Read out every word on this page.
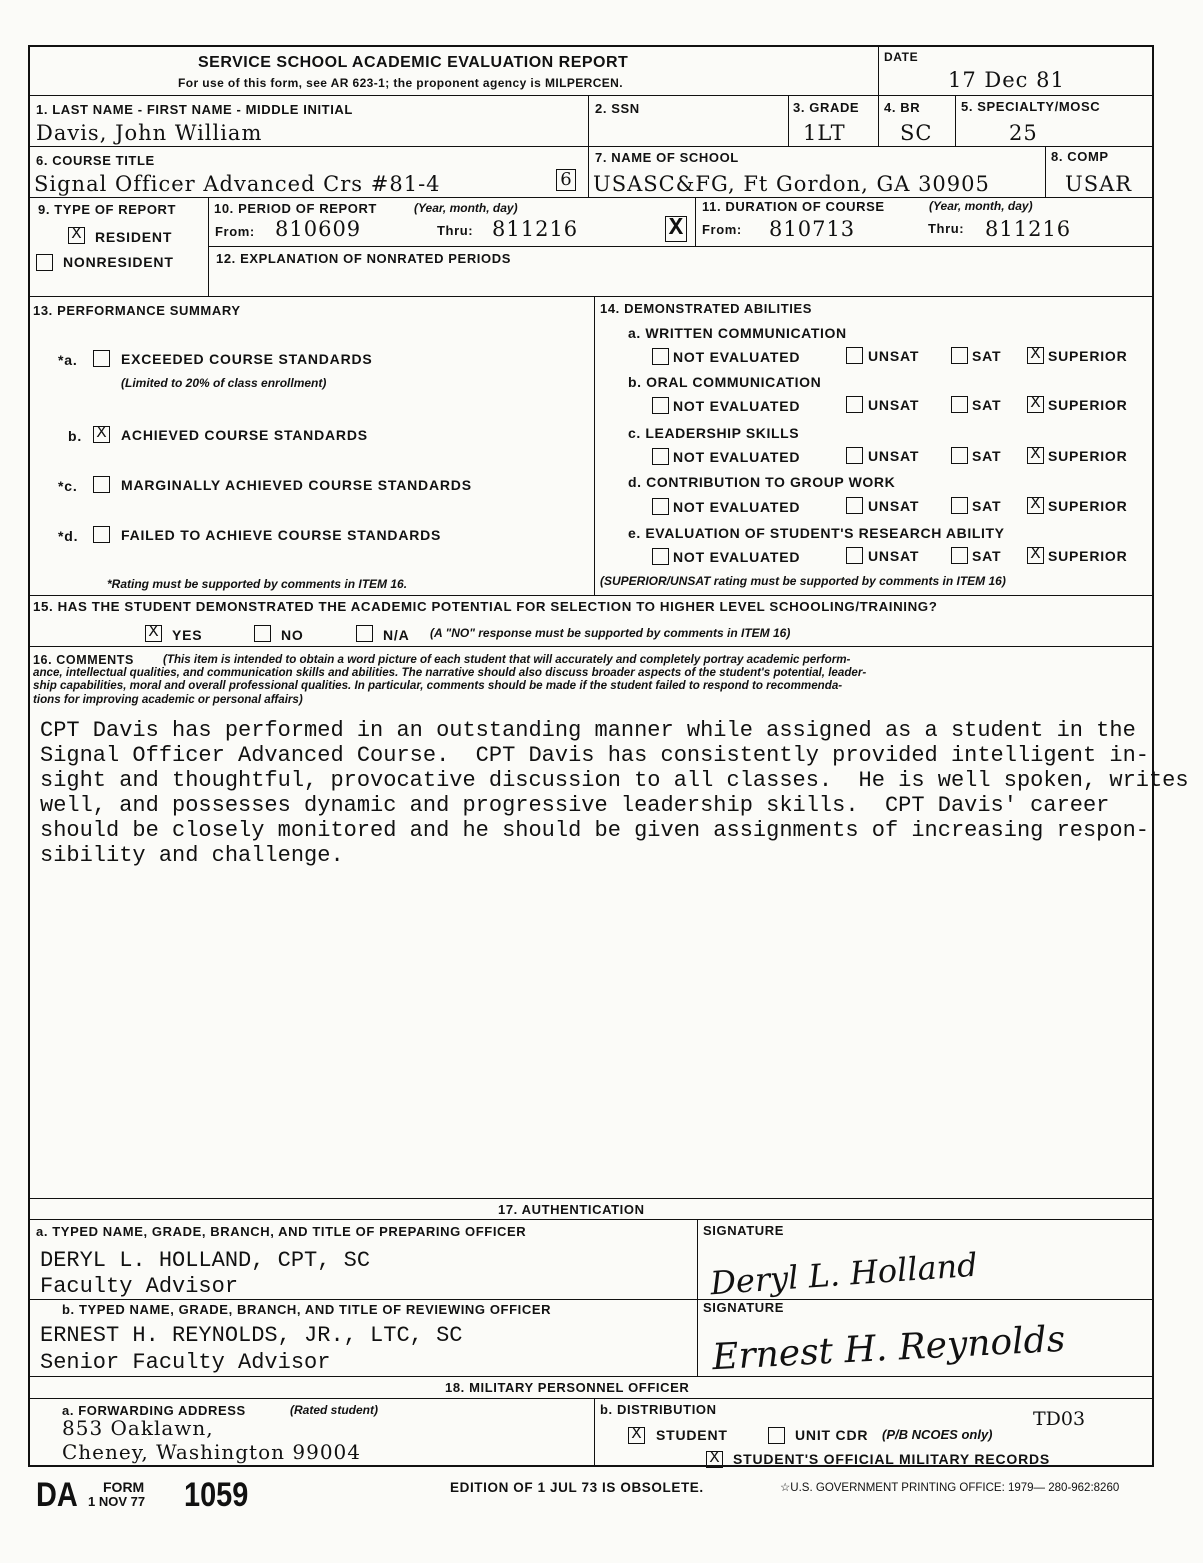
SERVICE SCHOOL ACADEMIC EVALUATION REPORT
For use of this form, see AR 623-1; the proponent agency is MILPERCEN.
DATE
17 Dec 81
1. LAST NAME - FIRST NAME - MIDDLE INITIAL
Davis, John William
2. SSN	3. GRADE
1LT
4. BR
SC
5. SPECIALTY/MOSC
25
6. COURSE TITLE
Signal Officer Advanced Crs #81-4	6
7. NAME OF SCHOOL
USASC&FG, Ft Gordon, GA 30905
8. COMP
USAR
9. TYPE OF REPORT
X RESIDENT
NONRESIDENT
10. PERIOD OF REPORT	(Year, month, day)
From: 810609	Thru: 811216	X
11. DURATION OF COURSE	(Year, month, day)
From: 810713	Thru: 811216
12. EXPLANATION OF NONRATED PERIODS
13. PERFORMANCE SUMMARY
*a.	EXCEEDED COURSE STANDARDS
(Limited to 20% of class enrollment)
b. X ACHIEVED COURSE STANDARDS
*c.	MARGINALLY ACHIEVED COURSE STANDARDS
*d.	FAILED TO ACHIEVE COURSE STANDARDS
*Rating must be supported by comments in ITEM 16.
14. DEMONSTRATED ABILITIES
a. WRITTEN COMMUNICATION
NOT EVALUATED	UNSAT	SAT X SUPERIOR
b. ORAL COMMUNICATION
NOT EVALUATED	UNSAT	SAT X SUPERIOR
c. LEADERSHIP SKILLS
NOT EVALUATED	UNSAT	SAT X SUPERIOR
d. CONTRIBUTION TO GROUP WORK
NOT EVALUATED	UNSAT	SAT X SUPERIOR
e. EVALUATION OF STUDENT'S RESEARCH ABILITY
NOT EVALUATED	UNSAT	SAT X SUPERIOR
(SUPERIOR/UNSAT rating must be supported by comments in ITEM 16)
15. HAS THE STUDENT DEMONSTRATED THE ACADEMIC POTENTIAL FOR SELECTION TO HIGHER LEVEL SCHOOLING/TRAINING?
X YES	NO	N/A (A "NO" response must be supported by comments in ITEM 16)
16. COMMENTS	(This item is intended to obtain a word picture of each student that will accurately and completely portray academic perform-
ance, intellectual qualities, and communication skills and abilities. The narrative should also discuss broader aspects of the student's potential, leader-
ship capabilities, moral and overall professional qualities. In particular, comments should be made if the student failed to respond to recommenda-
tions for improving academic or personal affairs)
CPT Davis has performed in an outstanding manner while assigned as a student in the
Signal Officer Advanced Course.  CPT Davis has consistently provided intelligent in-
sight and thoughtful, provocative discussion to all classes.  He is well spoken, writes
well, and possesses dynamic and progressive leadership skills.  CPT Davis' career
should be closely monitored and he should be given assignments of increasing respon-
sibility and challenge.
17. AUTHENTICATION
a. TYPED NAME, GRADE, BRANCH, AND TITLE OF PREPARING OFFICER
DERYL L. HOLLAND, CPT, SC
Faculty Advisor
SIGNATURE
Deryl L. Holland
b. TYPED NAME, GRADE, BRANCH, AND TITLE OF REVIEWING OFFICER
ERNEST H. REYNOLDS, JR., LTC, SC
Senior Faculty Advisor
SIGNATURE
Ernest H. Reynolds
18. MILITARY PERSONNEL OFFICER
a. FORWARDING ADDRESS	(Rated student)
853 Oaklawn,
Cheney, Washington 99004
b. DISTRIBUTION
X STUDENT	UNIT CDR (P/B NCOES only)
TD03
X STUDENT'S OFFICIAL MILITARY RECORDS
DA FORM
1 NOV 77 1059	EDITION OF 1 JUL 73 IS OBSOLETE.	☆U.S. GOVERNMENT PRINTING OFFICE: 1979— 280-962:8260
